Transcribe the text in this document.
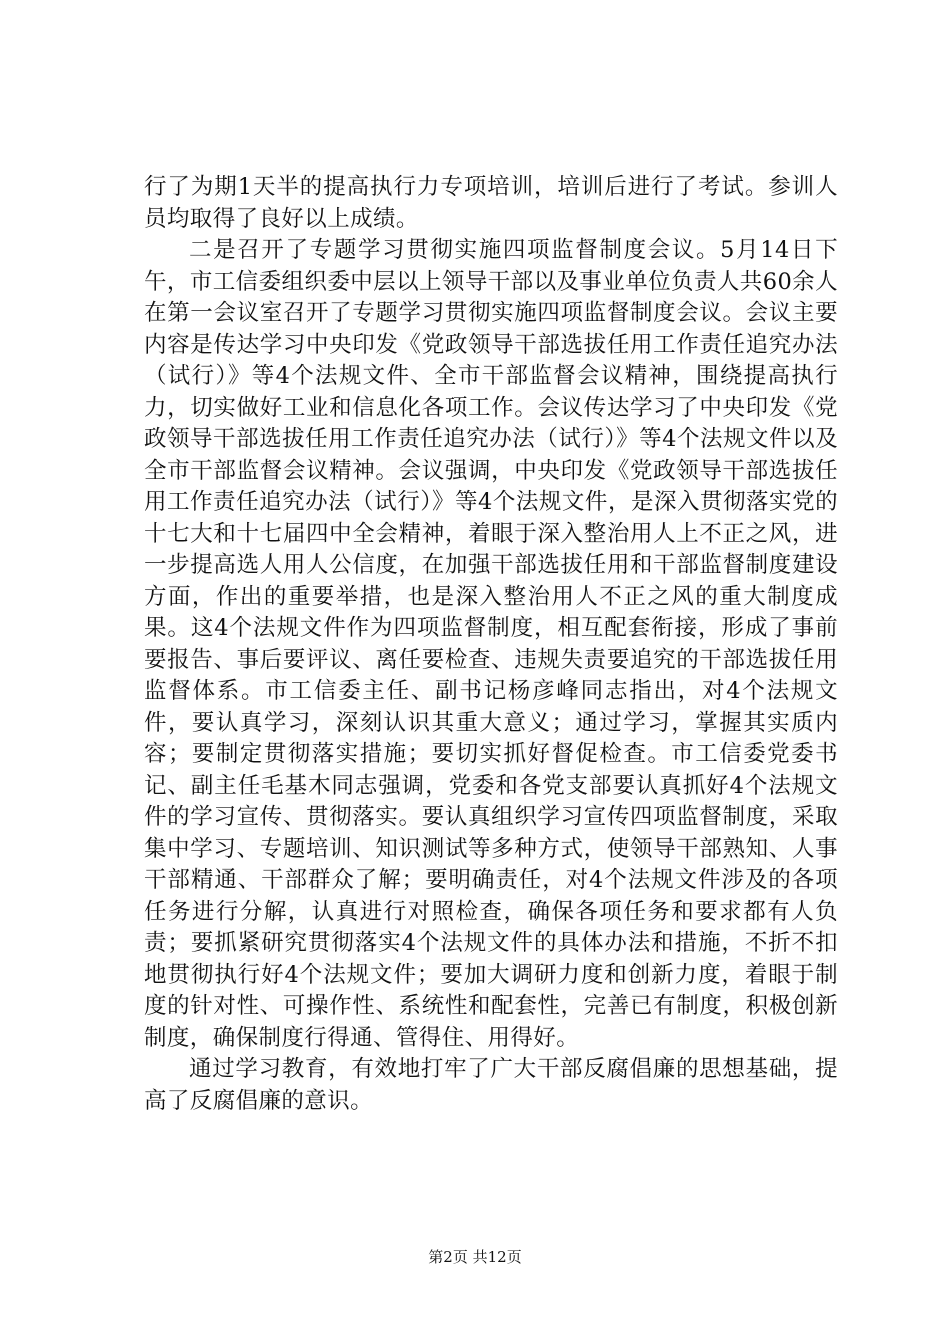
行了为期1天半的提高执行力专项培训，培训后进行了考试。参训人员均取得了良好以上成绩。

二是召开了专题学习贯彻实施四项监督制度会议。5月14日下午，市工信委组织委中层以上领导干部以及事业单位负责人共60余人在第一会议室召开了专题学习贯彻实施四项监督制度会议。会议主要内容是传达学习中央印发《党政领导干部选拔任用工作责任追究办法（试行）》等4个法规文件、全市干部监督会议精神，围绕提高执行力，切实做好工业和信息化各项工作。会议传达学习了中央印发《党政领导干部选拔任用工作责任追究办法（试行）》等4个法规文件以及全市干部监督会议精神。会议强调，中央印发《党政领导干部选拔任用工作责任追究办法（试行）》等4个法规文件，是深入贯彻落实党的十七大和十七届四中全会精神，着眼于深入整治用人上不正之风，进一步提高选人用人公信度，在加强干部选拔任用和干部监督制度建设方面，作出的重要举措，也是深入整治用人不正之风的重大制度成果。这4个法规文件作为四项监督制度，相互配套衔接，形成了事前要报告、事后要评议、离任要检查、违规失责要追究的干部选拔任用监督体系。市工信委主任、副书记杨彦峰同志指出，对4个法规文件，要认真学习，深刻认识其重大意义；通过学习，掌握其实质内容；要制定贯彻落实措施；要切实抓好督促检查。市工信委党委书记、副主任毛基木同志强调，党委和各党支部要认真抓好4个法规文件的学习宣传、贯彻落实。要认真组织学习宣传四项监督制度，采取集中学习、专题培训、知识测试等多种方式，使领导干部熟知、人事干部精通、干部群众了解；要明确责任，对4个法规文件涉及的各项任务进行分解，认真进行对照检查，确保各项任务和要求都有人负责；要抓紧研究贯彻落实4个法规文件的具体办法和措施，不折不扣地贯彻执行好4个法规文件；要加大调研力度和创新力度，着眼于制度的针对性、可操作性、系统性和配套性，完善已有制度，积极创新制度，确保制度行得通、管得住、用得好。

通过学习教育，有效地打牢了广大干部反腐倡廉的思想基础，提高了反腐倡廉的意识。

第2页 共12页
